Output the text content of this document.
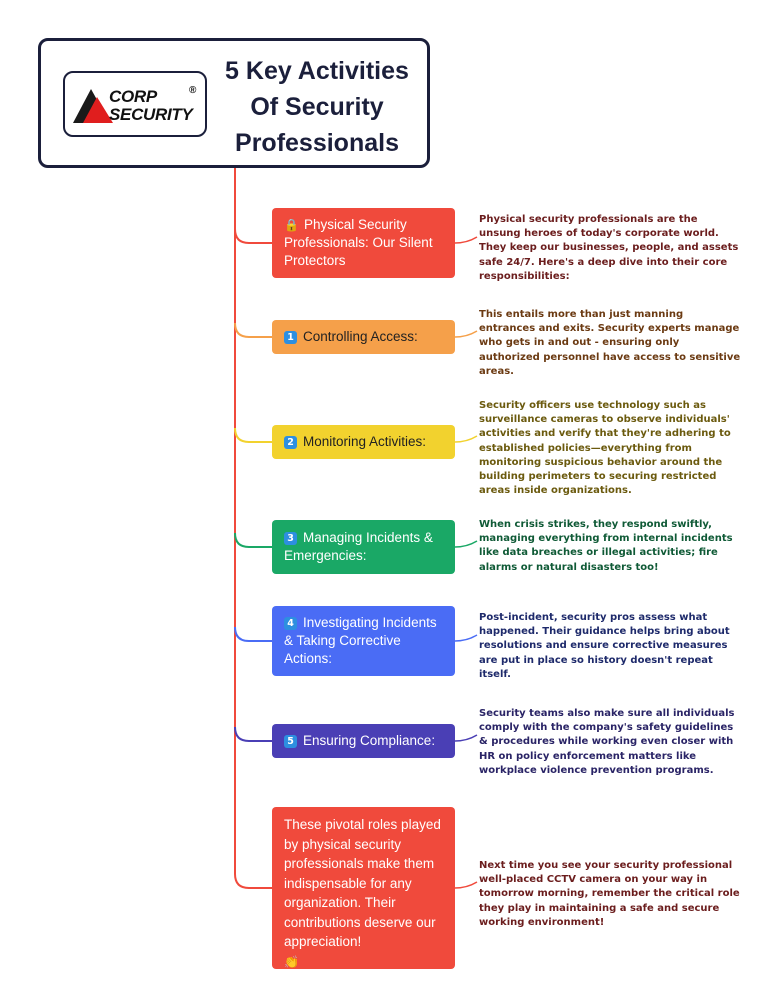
CORP
SECURITY
®
5 Key Activities Of Security Professionals
🔒 Physical Security Professionals: Our Silent Protectors
Physical security professionals are the unsung heroes of today's corporate world. They keep our businesses, people, and assets safe 24/7. Here's a deep dive into their core responsibilities:
1 Controlling Access:
This entails more than just manning entrances and exits. Security experts manage who gets in and out - ensuring only authorized personnel have access to sensitive areas.
2 Monitoring Activities:
Security officers use technology such as surveillance cameras to observe individuals' activities and verify that they're adhering to established policies—everything from monitoring suspicious behavior around the building perimeters to securing restricted areas inside organizations.
3 Managing Incidents & Emergencies:
When crisis strikes, they respond swiftly, managing everything from internal incidents like data breaches or illegal activities; fire alarms or natural disasters too!
4 Investigating Incidents & Taking Corrective Actions:
Post-incident, security pros assess what happened. Their guidance helps bring about resolutions and ensure corrective measures are put in place so history doesn't repeat itself.
5 Ensuring Compliance:
Security teams also make sure all individuals comply with the company's safety guidelines & procedures while working even closer with HR on policy enforcement matters like workplace violence prevention programs.
These pivotal roles played by physical security professionals make them indispensable for any organization. Their contributions deserve our appreciation!
👏
Next time you see your security professional well-placed CCTV camera on your way in tomorrow morning, remember the critical role they play in maintaining a safe and secure working environment!
